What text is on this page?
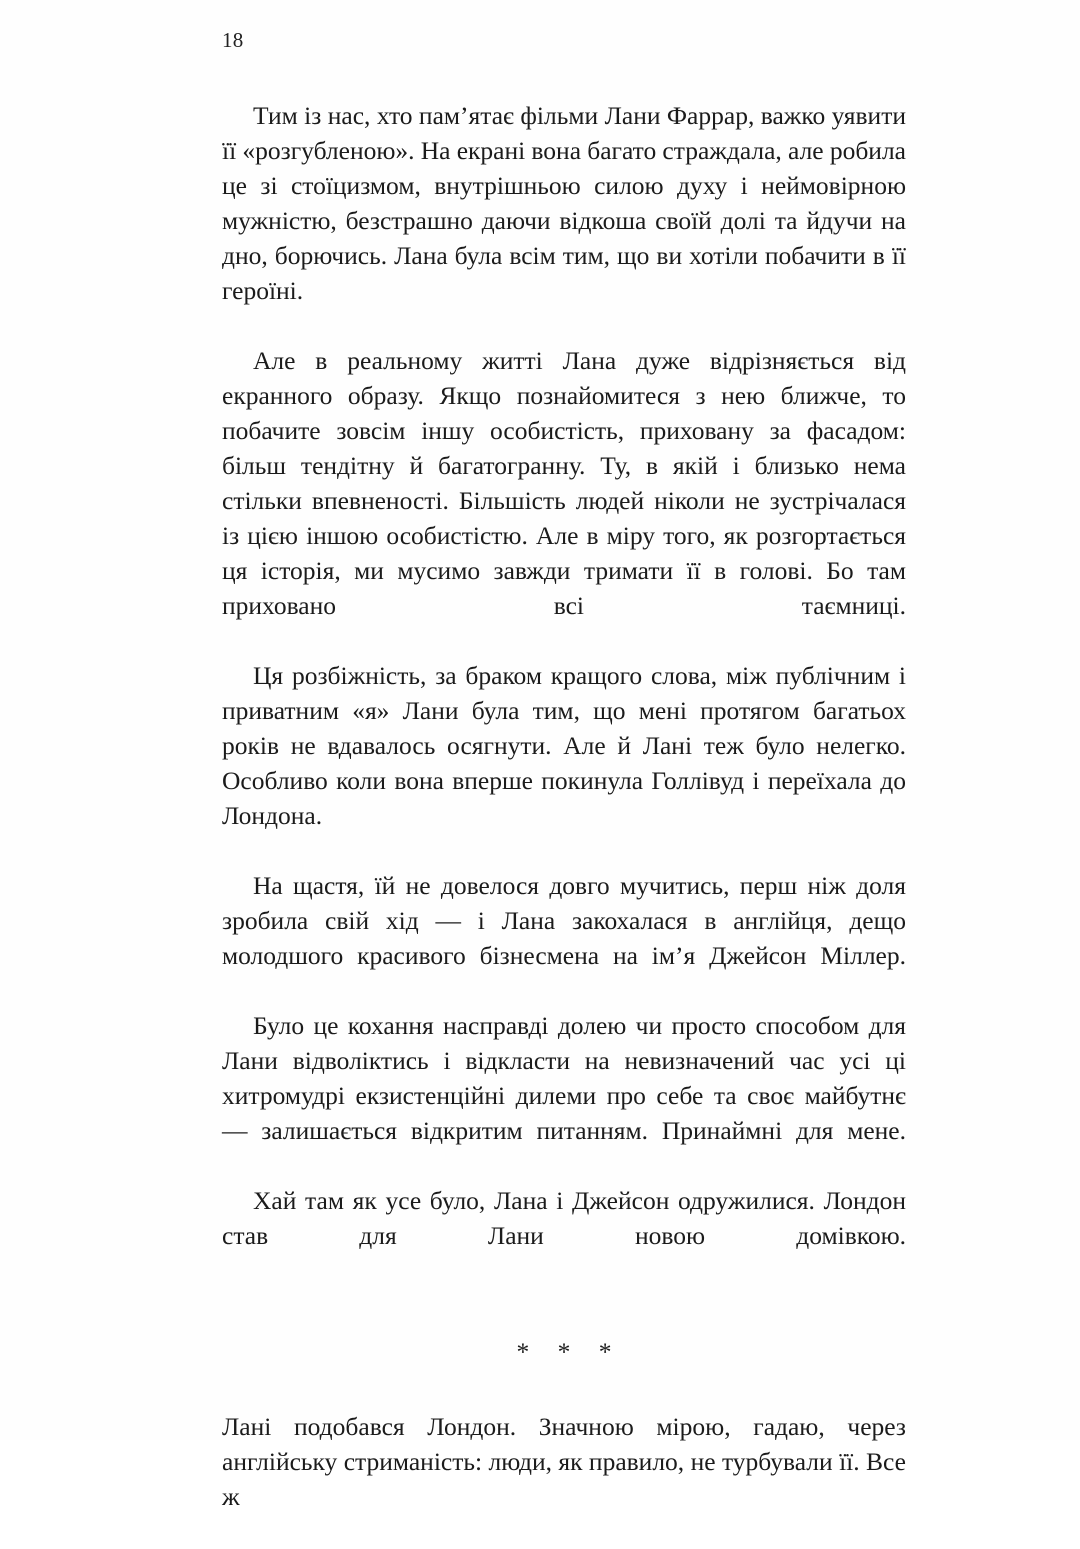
18

Тим із нас, хто пам’ятає фільми Лани Фаррар, важко уявити її «розгубленою». На екрані вона багато страждала, але робила це зі стоїцизмом, внутрішньою силою духу і неймовірною мужністю, безстрашно даючи відкоша своїй долі та йдучи на дно, борючись. Лана була всім тим, що ви хотіли побачити в її героїні.

Але в реальному житті Лана дуже відрізняється від екранного образу. Якщо познайомитеся з нею ближче, то побачите зовсім іншу особистість, приховану за фасадом: більш тендітну й багатогранну. Ту, в якій і близько нема стільки впевненості. Більшість людей ніколи не зустрічалася із цією іншою особистістю. Але в міру того, як розгортається ця історія, ми мусимо завжди тримати її в голові. Бо там приховано всі таємниці.

Ця розбіжність, за браком кращого слова, між публічним і приватним «я» Лани була тим, що мені протягом багатьох років не вдавалось осягнути. Але й Лані теж було нелегко. Особливо коли вона вперше покинула Голлівуд і переїхала до Лондона.

На щастя, їй не довелося довго мучитись, перш ніж доля зробила свій хід — і Лана закохалася в англійця, дещо молодшого красивого бізнесмена на ім’я Джейсон Міллер.

Було це кохання насправді долею чи просто способом для Лани відволіктись і відкласти на невизначений час усі ці хитромудрі екзистенційні дилеми про себе та своє майбутнє — залишається відкритим питанням. Принаймні для мене.

Хай там як усе було, Лана і Джейсон одружилися. Лондон став для Лани новою домівкою.

* * *

Лані подобався Лондон. Значною мірою, гадаю, через англійську стриманість: люди, як правило, не турбували її. Все ж
